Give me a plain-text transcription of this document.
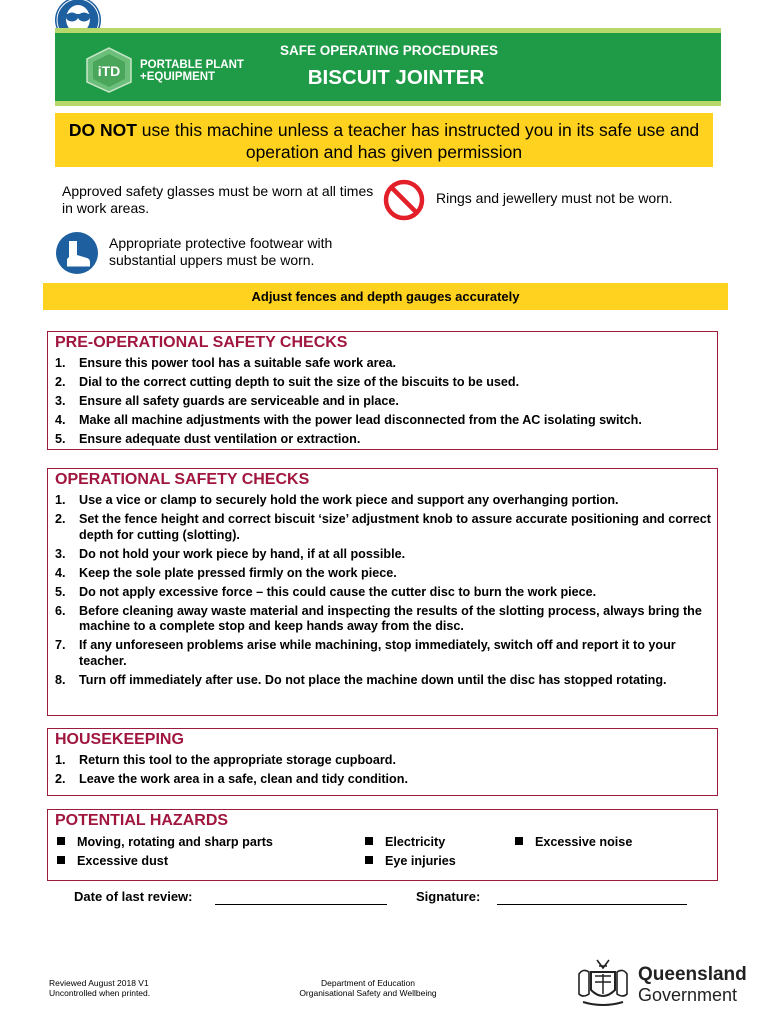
iTD PORTABLE PLANT
+EQUIPMENT
SAFE OPERATING PROCEDURES
BISCUIT JOINTER
DO NOT use this machine unless a teacher has instructed you in its safe use and operation and has given permission
Approved safety glasses must be worn at all times in work areas.
Rings and jewellery must not be worn.
Appropriate protective footwear with substantial uppers must be worn.
Adjust fences and depth gauges accurately
PRE-OPERATIONAL SAFETY CHECKS
1. Ensure this power tool has a suitable safe work area.
2. Dial to the correct cutting depth to suit the size of the biscuits to be used.
3. Ensure all safety guards are serviceable and in place.
4. Make all machine adjustments with the power lead disconnected from the AC isolating switch.
5. Ensure adequate dust ventilation or extraction.
OPERATIONAL SAFETY CHECKS
1. Use a vice or clamp to securely hold the work piece and support any overhanging portion.
2. Set the fence height and correct biscuit ‘size’ adjustment knob to assure accurate positioning and correct depth for cutting (slotting).
3. Do not hold your work piece by hand, if at all possible.
4. Keep the sole plate pressed firmly on the work piece.
5. Do not apply excessive force – this could cause the cutter disc to burn the work piece.
6. Before cleaning away waste material and inspecting the results of the slotting process, always bring the machine to a complete stop and keep hands away from the disc.
7. If any unforeseen problems arise while machining, stop immediately, switch off and report it to your teacher.
8. Turn off immediately after use. Do not place the machine down until the disc has stopped rotating.
HOUSEKEEPING
1. Return this tool to the appropriate storage cupboard.
2. Leave the work area in a safe, clean and tidy condition.
POTENTIAL HAZARDS
Moving, rotating and sharp parts	Electricity	Excessive noise
Excessive dust	Eye injuries
Date of last review:	Signature:
Reviewed August 2018 V1
Uncontrolled when printed.
Department of Education
Organisational Safety and Wellbeing
Queensland
Government
